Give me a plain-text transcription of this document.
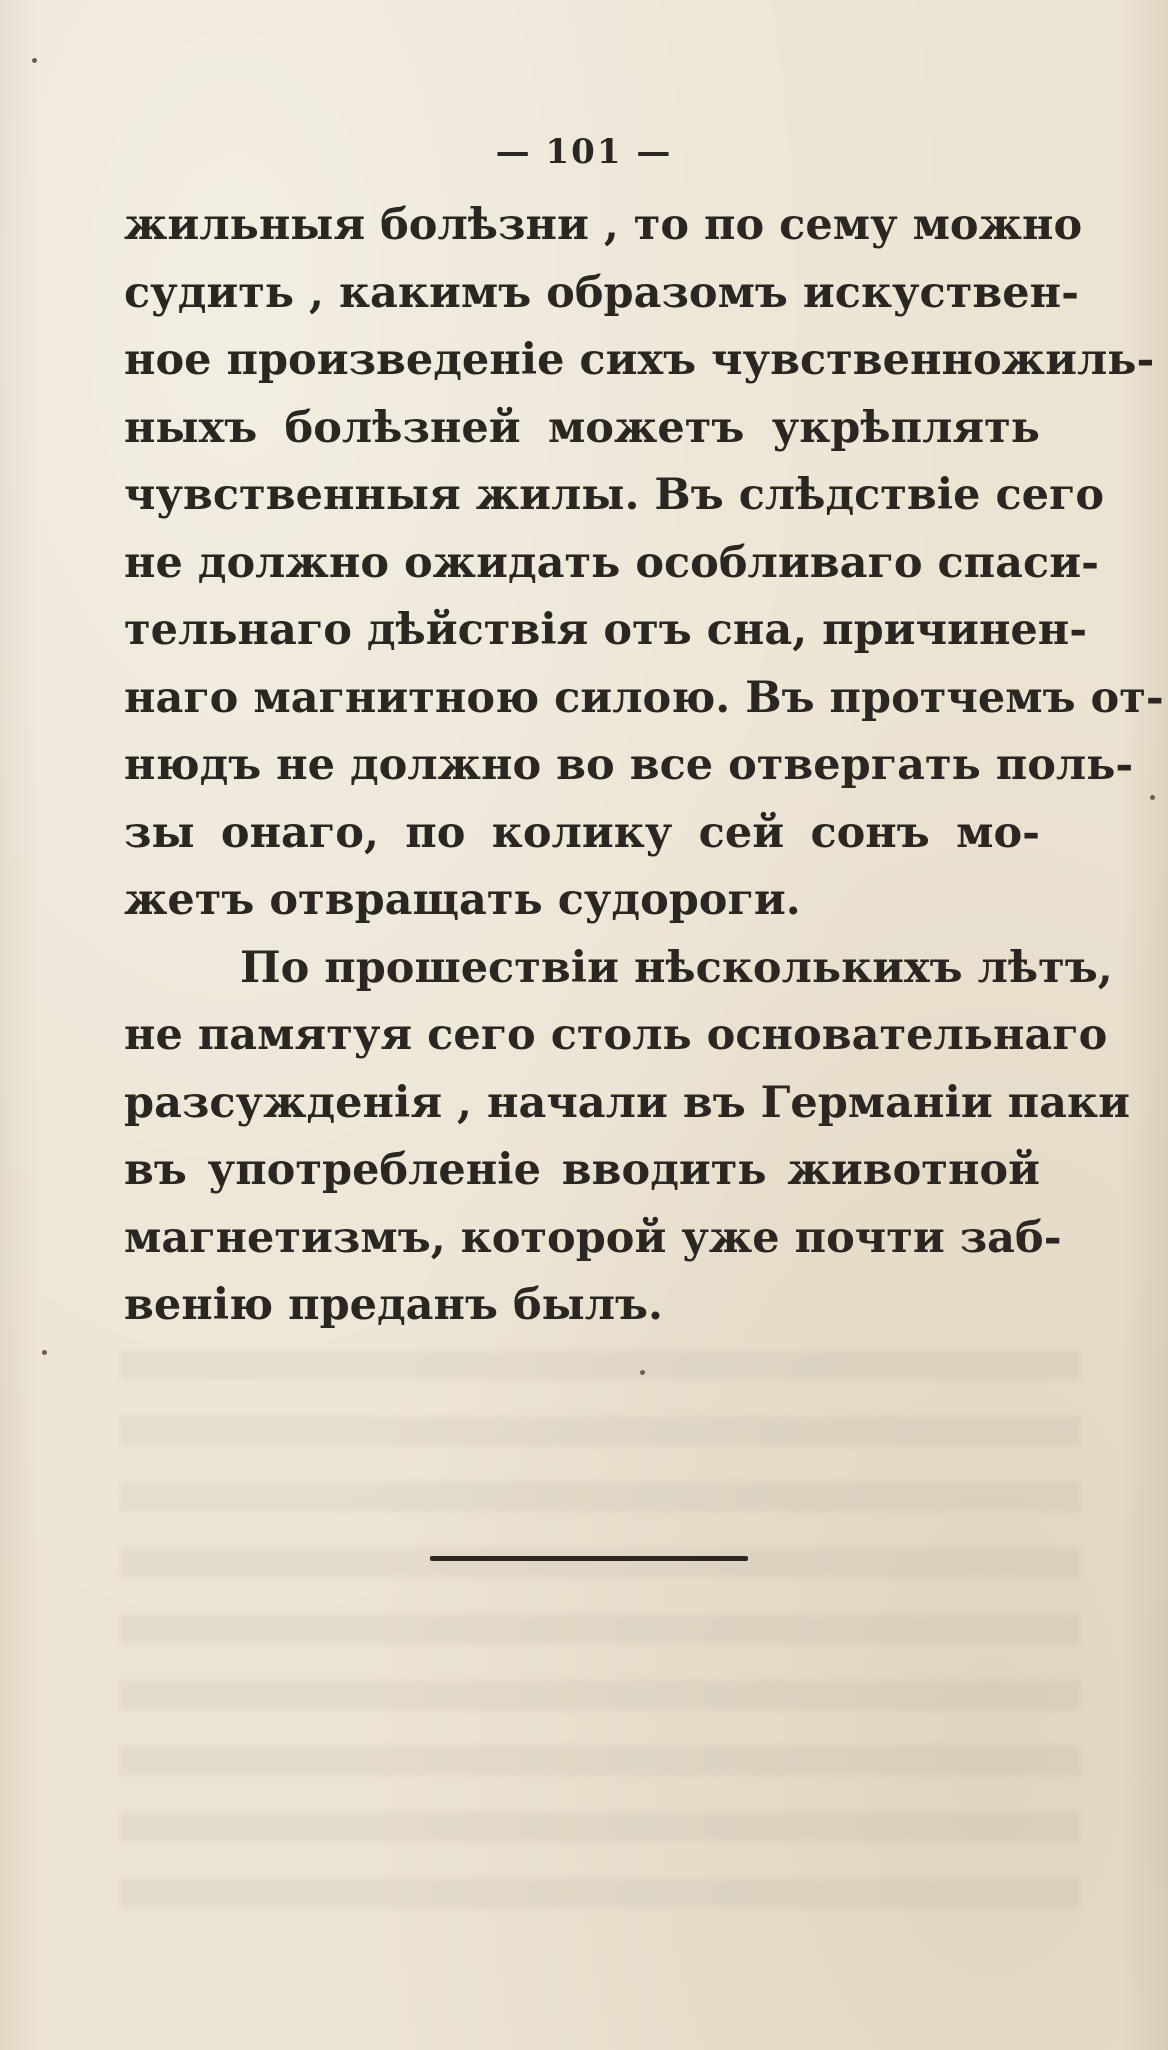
— 101 —
жильныя болѣзни , то по сему можно
судить , какимъ образомъ искуствен-
ное произведенiе сихъ чувственножиль-
ныхъ болѣзней можетъ укрѣплять
чувственныя жилы. Въ слѣдствiе сего
не должно ожидать особливаго спаси-
тельнаго дѣйствiя отъ сна, причинен-
наго магнитною силою. Въ протчемъ от-
нюдъ не должно во все отвергать поль-
зы онаго, по колику сей сонъ мо-
жетъ отвращать судороги.
По прошествiи нѣсколькихъ лѣтъ,
не памятуя сего столь основательнаго
разсужденiя , начали въ Германiи паки
въ употребленiе вводить животной
магнетизмъ, которой уже почти заб-
венiю преданъ былъ.
